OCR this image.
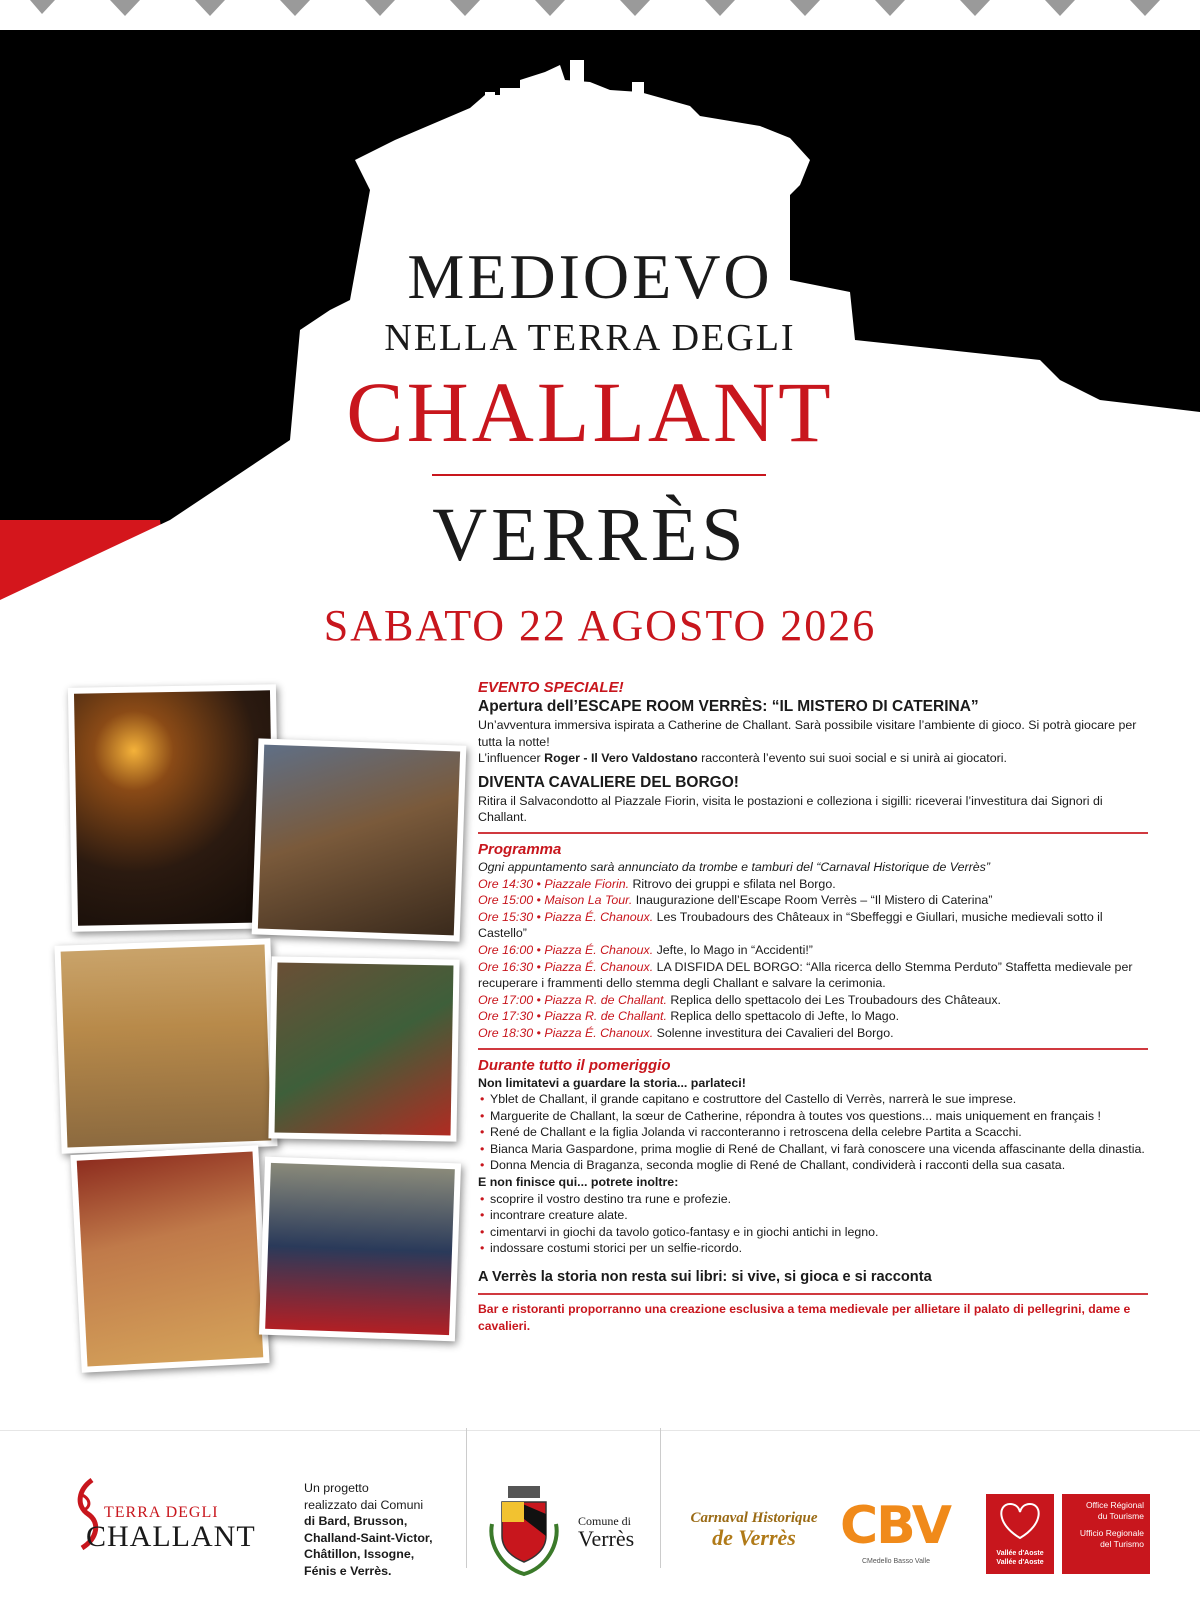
MEDIOEVO
NELLA TERRA DEGLI
CHALLANT
VERRÈS
SABATO 22 AGOSTO 2026
EVENTO SPECIALE!
Apertura dell’ESCAPE ROOM VERRÈS: “IL MISTERO DI CATERINA”
Un’avventura immersiva ispirata a Catherine de Challant. Sarà possibile visitare l’ambiente di gioco. Si potrà giocare per tutta la notte!
L’influencer Roger - Il Vero Valdostano racconterà l’evento sui suoi social e si unirà ai giocatori.
DIVENTA CAVALIERE DEL BORGO!
Ritira il Salvacondotto al Piazzale Fiorin, visita le postazioni e colleziona i sigilli: riceverai l’investitura dai Signori di Challant.
Programma
Ogni appuntamento sarà annunciato da trombe e tamburi del “Carnaval Historique de Verrès”
Ore 14:30 • Piazzale Fiorin. Ritrovo dei gruppi e sfilata nel Borgo.
Ore 15:00 • Maison La Tour. Inaugurazione dell’Escape Room Verrès – “Il Mistero di Caterina”
Ore 15:30 • Piazza É. Chanoux. Les Troubadours des Châteaux in “Sbeffeggi e Giullari, musiche medievali sotto il Castello”
Ore 16:00 • Piazza É. Chanoux. Jefte, lo Mago in “Accidenti!”
Ore 16:30 • Piazza É. Chanoux. LA DISFIDA DEL BORGO: “Alla ricerca dello Stemma Perduto” Staffetta medievale per recuperare i frammenti dello stemma degli Challant e salvare la cerimonia.
Ore 17:00 • Piazza R. de Challant. Replica dello spettacolo dei Les Troubadours des Châteaux.
Ore 17:30 • Piazza R. de Challant. Replica dello spettacolo di Jefte, lo Mago.
Ore 18:30 • Piazza É. Chanoux. Solenne investitura dei Cavalieri del Borgo.
Durante tutto il pomeriggio
Non limitatevi a guardare la storia... parlateci!
• Yblet de Challant, il grande capitano e costruttore del Castello di Verrès, narrerà le sue imprese.
• Marguerite de Challant, la sœur de Catherine, répondra à toutes vos questions... mais uniquement en français !
• René de Challant e la figlia Jolanda vi racconteranno i retroscena della celebre Partita a Scacchi.
• Bianca Maria Gaspardone, prima moglie di René de Challant, vi farà conoscere una vicenda affascinante della dinastia.
• Donna Mencia di Braganza, seconda moglie di René de Challant, condividerà i racconti della sua casata.
E non finisce qui... potrete inoltre:
• scoprire il vostro destino tra rune e profezie.
• incontrare creature alate.
• cimentarvi in giochi da tavolo gotico-fantasy e in giochi antichi in legno.
• indossare costumi storici per un selfie-ricordo.
A Verrès la storia non resta sui libri: si vive, si gioca e si racconta
Bar e ristoranti proporranno una creazione esclusiva a tema medievale per allietare il palato di pellegrini, dame e cavalieri.
TERRA DEGLI
CHALLANT
Un progetto
realizzato dai Comuni
di Bard, Brusson,
Challand-Saint-Victor,
Châtillon, Issogne,
Fénis e Verrès.
Comune di
Verrès
Carnaval Historique
de Verrès CBV
CMedello Basso Valle
Vallée d'Aoste
Vallée d'Aoste
Office Régional
du Tourisme
Ufficio Regionale
del Turismo
